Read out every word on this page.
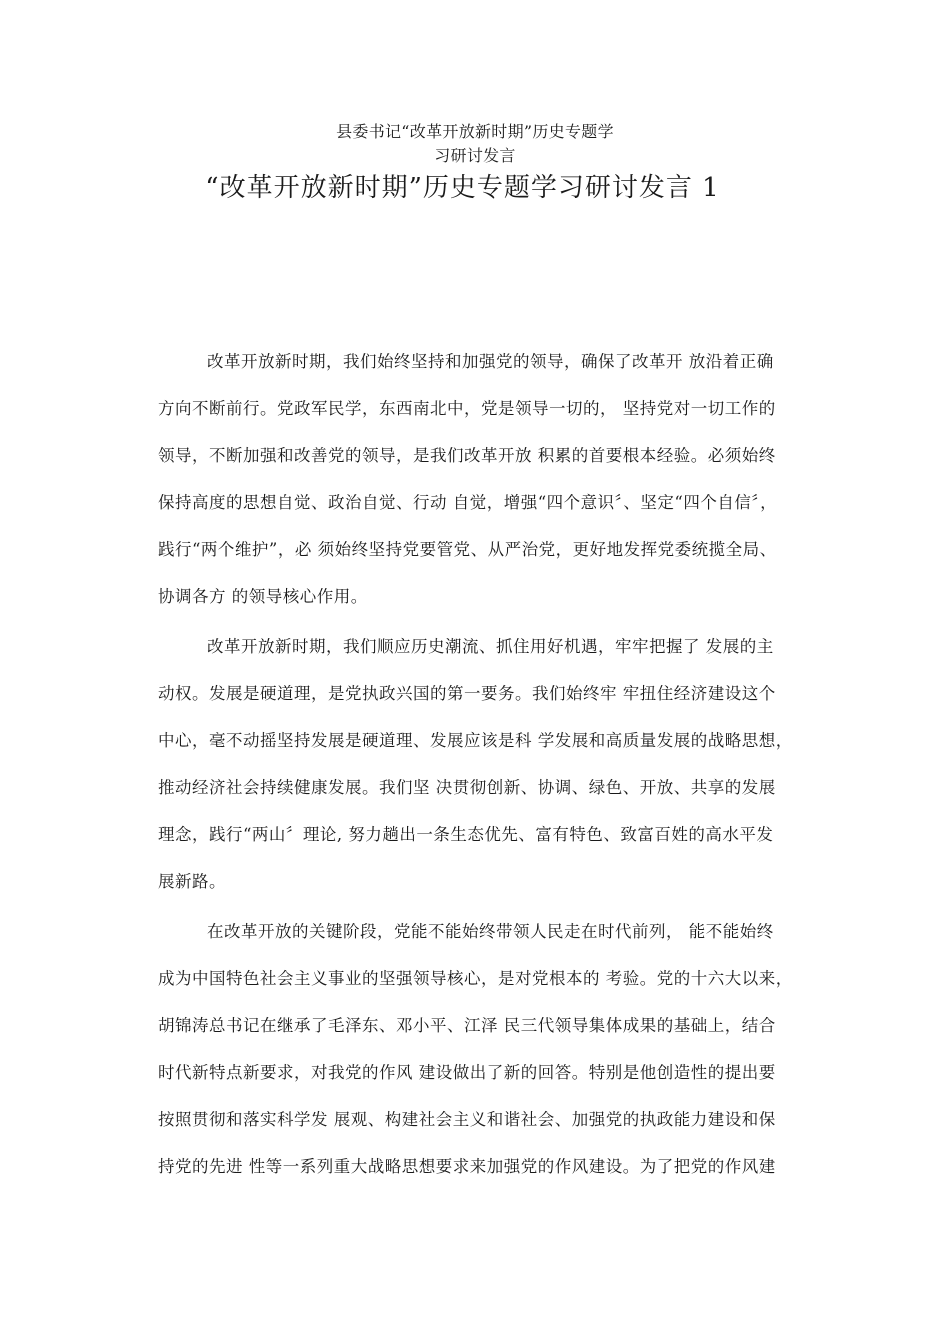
县委书记“改革开放新时期”历史专题学
习研讨发言
“改革开放新时期”历史专题学习研讨发言 1
改革开放新时期，我们始终坚持和加强党的领导，确保了改革开 放沿着正确
方向不断前行。党政军民学，东西南北中，党是领导一切的， 坚持党对一切工作的
领导，不断加强和改善党的领导，是我们改革开放 积累的首要根本经验。必须始终
保持高度的思想自觉、政治自觉、行动 自觉，增强“四个意识〞、坚定“四个自信〞，
践行“两个维护”，必 须始终坚持党要管党、从严治党，更好地发挥党委统揽全局、
协调各方 的领导核心作用。
改革开放新时期，我们顺应历史潮流、抓住用好机遇，牢牢把握了 发展的主
动权。发展是硬道理，是党执政兴国的第一要务。我们始终牢 牢扭住经济建设这个
中心，毫不动摇坚持发展是硬道理、发展应该是科 学发展和高质量发展的战略思想，
推动经济社会持续健康发展。我们坚 决贯彻创新、协调、绿色、开放、共享的发展
理念，践行“两山〞理论, 努力趟出一条生态优先、富有特色、致富百姓的高水平发
展新路。
在改革开放的关键阶段，党能不能始终带领人民走在时代前列， 能不能始终
成为中国特色社会主义事业的坚强领导核心，是对党根本的 考验。党的十六大以来，
胡锦涛总书记在继承了毛泽东、邓小平、江泽 民三代领导集体成果的基础上，结合
时代新特点新要求，对我党的作风 建设做出了新的回答。特别是他创造性的提出要
按照贯彻和落实科学发 展观、构建社会主义和谐社会、加强党的执政能力建设和保
持党的先进 性等一系列重大战略思想要求来加强党的作风建设。为了把党的作风建
